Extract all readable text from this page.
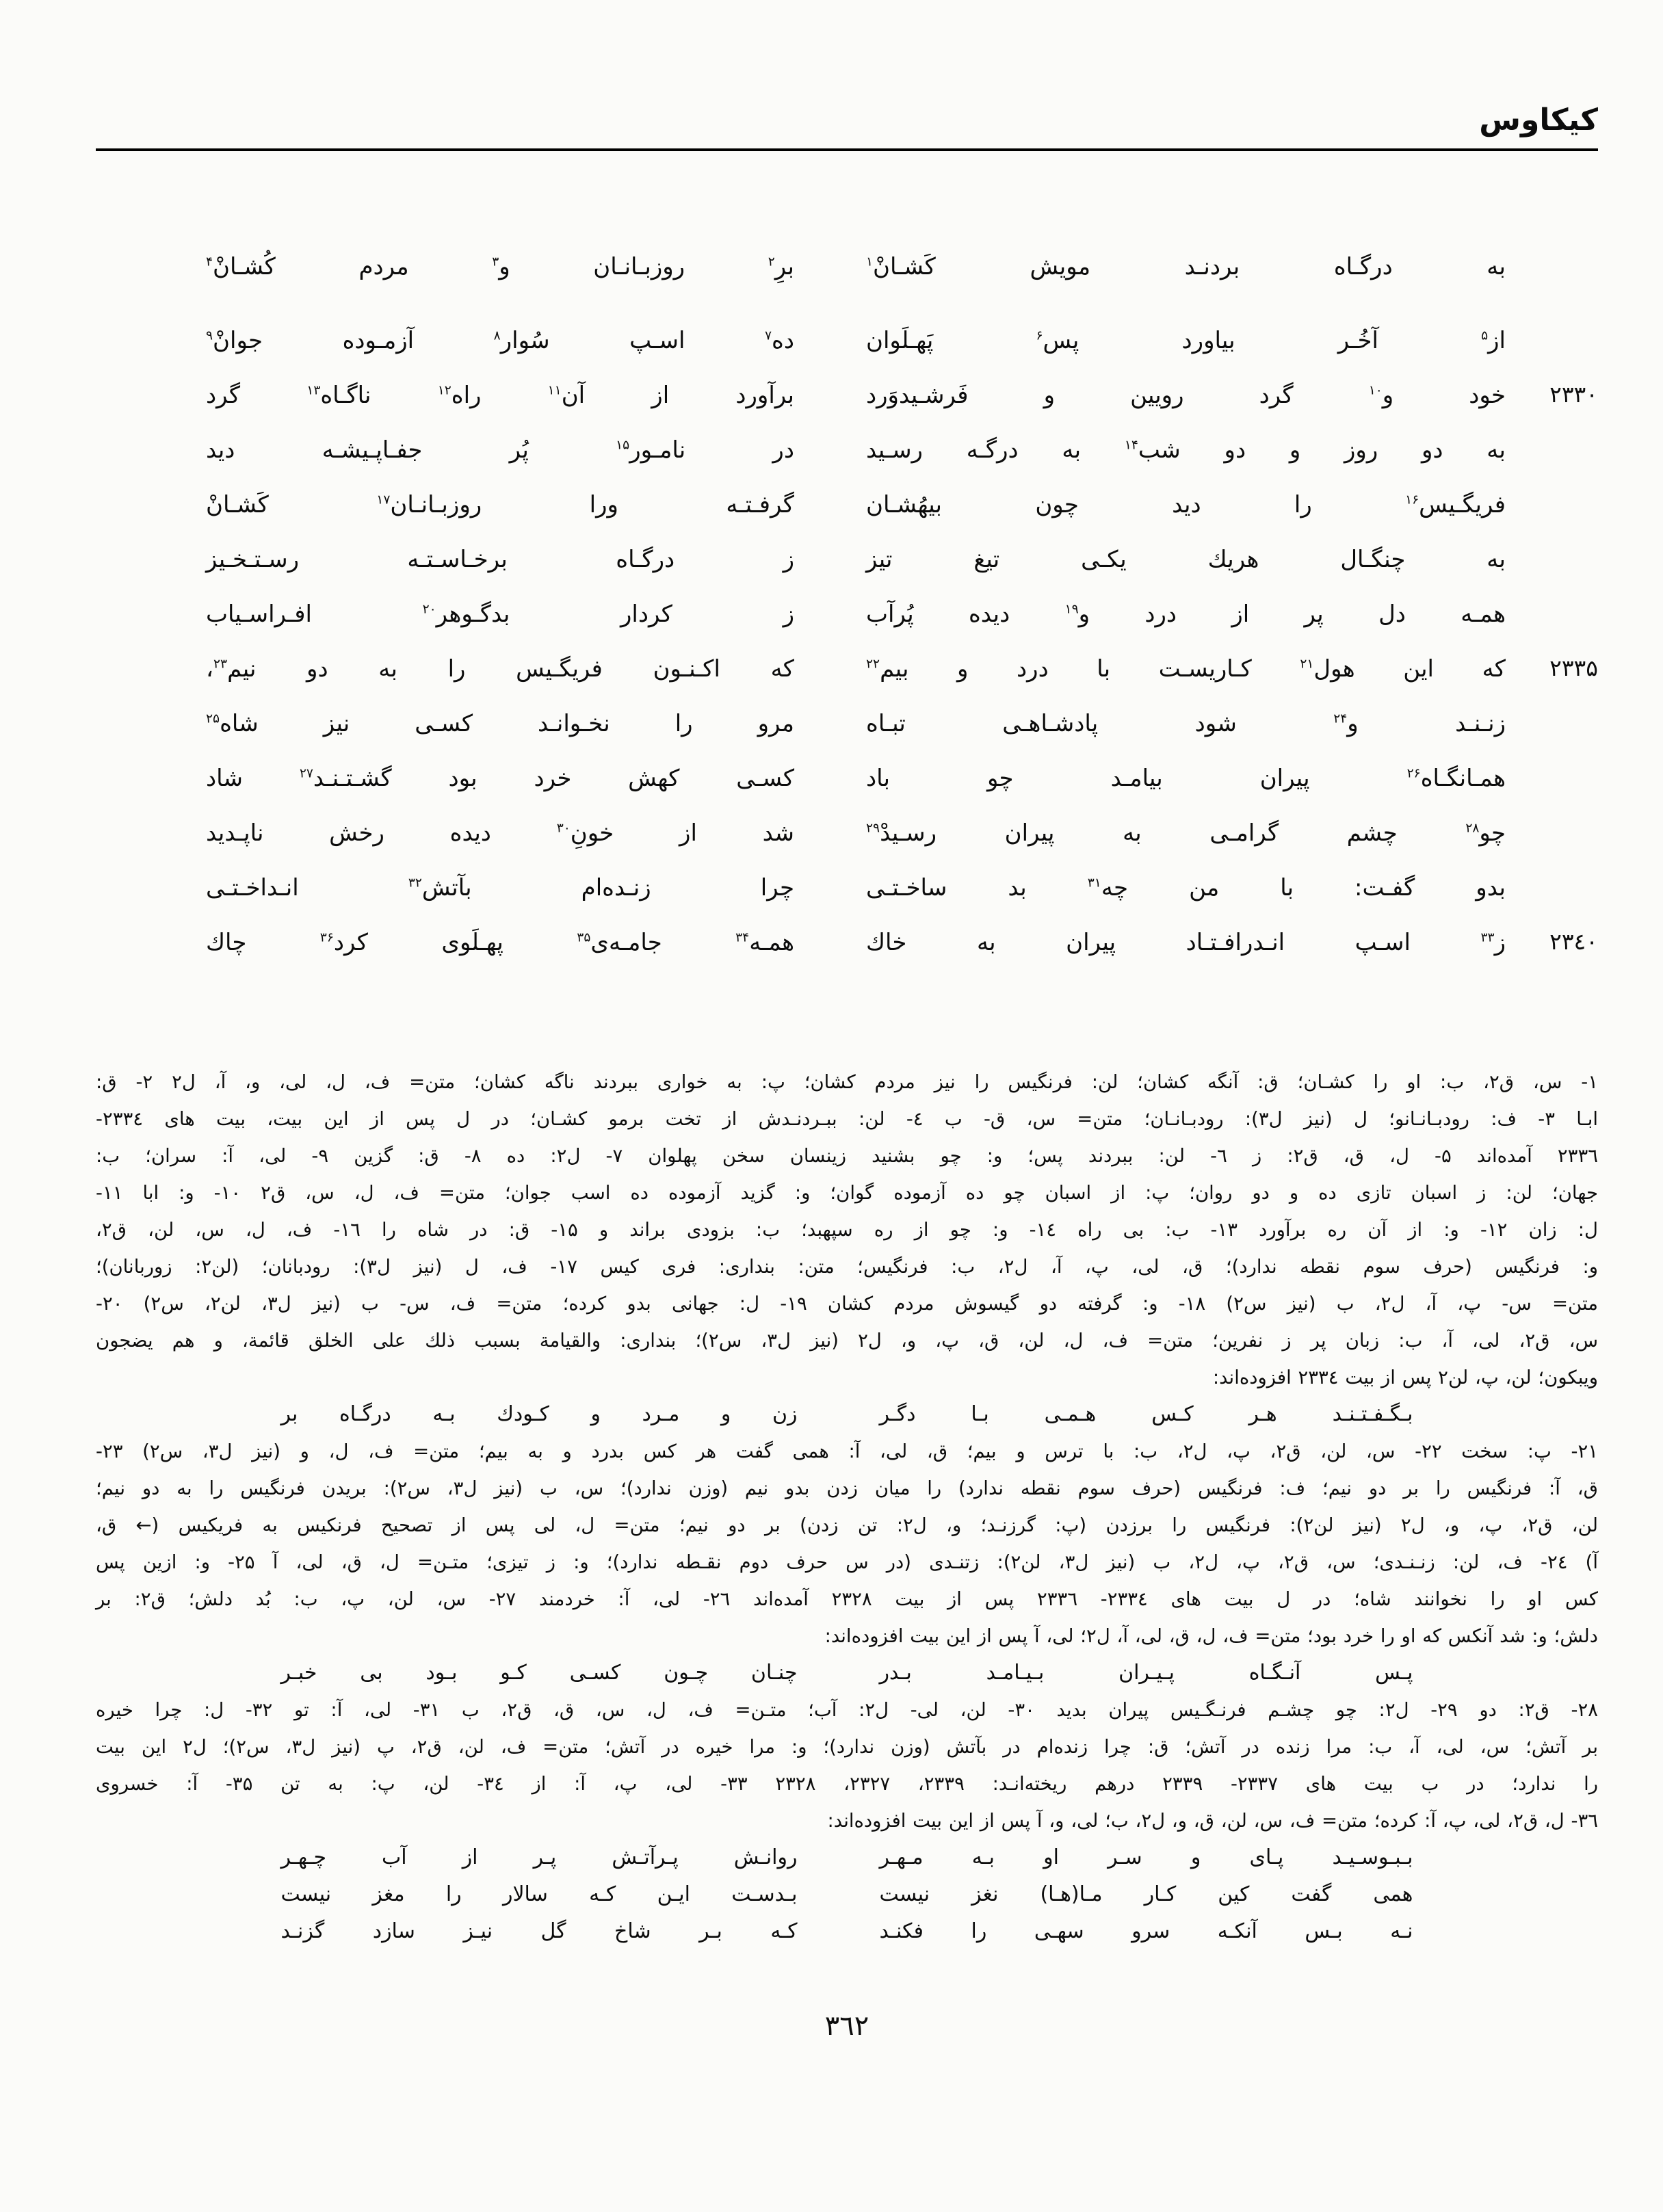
کیکاوس
به درگـاه بردنـد مویش کَشـانْ$^۱$
برِ$^۲$ روزبـانـان و$^۳$ مردم کُشـانْ$^۴$
از$^۵$ آخُـر بیاورد پس$^۶$ پَهـلَوان
ده$^۷$ اسـپ سُوار$^۸$ آزمـوده جوانْ$^۹$
۲۳۳۰
خود و$^{۱۰}$ گرد رویین و فَرشـیدوَرد
برآورد از آن$^{۱۱}$ راه$^{۱۲}$ ناگـاه$^{۱۳}$ گرد
به دو روز و دو شب$^{۱۴}$ به درگـه رسـید
در نامـور$^{۱۵}$ پُر جفـاپـیشـه دید
فریگـیس$^{۱۶}$ را دید چون بیهُشـان
گرفـتـه ورا روزبـانـان$^{۱۷}$ کَشـانْ
به چنگـال هریك یکـی تیغ تیز
ز درگـاه برخـاسـتـه رسـتـخـیز
همـه دل پر از درد و$^{۱۹}$ دیده پُرآب
ز کردار بدگـوهر$^{۲۰}$ افـراسـیاب
۲۳۳۵
که این هول$^{۲۱}$ کـاریسـت با درد و بیم$^{۲۲}$
که اکـنـون فریگـیس را به دو نیم$^{۲۳}$،
زنـنـد و$^{۲۴}$ شود پادشـاهـی تبـاه
مرو را نخـوانـد کسـی نیز شاه$^{۲۵}$
همـانگـاه$^{۲۶}$ پیران بیامـد چو باد
کسـی کهش خرد بود گشـتـنـد$^{۲۷}$ شاد
چو$^{۲۸}$ چشم گرامـی به پیران رسـیدْ$^{۲۹}$
شد از خونِ$^{۳۰}$ دیده رخش ناپـدید
بدو گفـت: با من چه$^{۳۱}$ بد ساخـتـی
چرا زنـده‌ام بآتش$^{۳۲}$ انـداخـتـی
۲۳٤۰
ز$^{۳۳}$ اسـپ انـدرافـتـاد پیران به خاك
همـه$^{۳۴}$ جامـه‌ی$^{۳۵}$ پهـلَوی کرد$^{۳۶}$ چاك
۱- س، ق۲، ب: او را کشـان؛ ق: آنگه کشان؛ لن: فرنگیس را نیز مردم کشان؛ پ: به خواری ببردند ناگه کشان؛ متن= ف، ل، لی، و، آ، ل۲ ۲- ق:
ابـا ۳- ف: رودبـانـانو؛ ل (نیز ل۳): رودبـانـان؛ متن= س، ق- ب ٤- لن: ببـردنـدش از تخت برمو کشـان؛ در ل پس از این بیت، بیت های ۲۳۳٤-
۲۳۳٦ آمده‌اند ۵- ل، ق، ق۲: ز ٦- لن: ببردند پس؛ و: چو بشنید زینسان سخن پهلوان ۷- ل۲: ده ۸- ق: گزین ۹- لی، آ: سران؛ ب:
جهان؛ لن: ز اسبان تازی ده و دو روان؛ پ: از اسبان چو ده آزموده گوان؛ و: گزید آزموده ده اسب جوان؛ متن= ف، ل، س، ق۲ ۱۰- و: ابا ۱۱-
ل: زان ۱۲- و: از آن ره برآورد ۱۳- ب: بی راه ۱٤- و: چو از ره سپهبد؛ ب: بزودی براند و ۱۵- ق: در شاه را ۱٦- ف، ل، س، لن، ق۲،
و: فرنگیس (حرف سوم نقطه ندارد)؛ ق، لی، پ، آ، ل۲، ب: فرنگیس؛ متن: بنداری: فری کیس ۱۷- ف، ل (نیز ل۳): رودبانان؛ (لن۲: زوربانان)؛
متن= س- پ، آ، ل۲، ب (نیز س۲) ۱۸- و: گرفته دو گیسوش مردم کشان ۱۹- ل: جهانی بدو کرده؛ متن= ف، س- ب (نیز ل۳، لن۲، س۲) ۲۰-
س، ق۲، لی، آ، ب: زبان پر ز نفرین؛ متن= ف، ل، لن، ق، پ، و، ل۲ (نیز ل۳، س۲)؛ بنداری: والقیامة بسبب ذلك علی الخلق قائمة، و هم یضجون
ویبکون؛ لن، پ، لن۲ پس از بیت ۲۳۳٤ افزوده‌اند:
بـگـفـتـنـد هـر کـس هـمـی بـا دگـر
زن و مـرد و کـودك بـه درگـاه بر
۲۱- پ: سخت ۲۲- س، لن، ق۲، پ، ل۲، ب: با ترس و بیم؛ ق، لی، آ: همی گفت هر کس بدرد و به بیم؛ متن= ف، ل، و (نیز ل۳، س۲) ۲۳-
ق، آ: فرنگیس را بر دو نیم؛ ف: فرنگیس (حرف سوم نقطه ندارد) را میان زدن بدو نیم (وزن ندارد)؛ س، ب (نیز ل۳، س۲): بریدن فرنگیس را به دو نیم؛
لن، ق۲، پ، و، ل۲ (نیز لن۲): فرنگیس را برزدن (پ: گرزنـد؛ و، ل۲: تن زدن) بر دو نیم؛ متن= ل، لی پس از تصحیح فرنکیس به فریکیس (← ق،
آ) ۲٤- ف، لن: زنـنـدی؛ س، ق۲، پ، ل۲، ب (نیز ل۳، لن۲): زتنـدی (در س حرف دوم نقـطه ندارد)؛ و: ز تیزی؛ متـن= ل، ق، لی، آ ۲۵- و: ازین پس
کس او را نخوانند شاه؛ در ل بیت های ۲۳۳٤- ۲۳۳٦ پس از بیت ۲۳۲۸ آمده‌اند ۲٦- لی، آ: خردمند ۲۷- س، لن، پ، ب: بُد دلش؛ ق۲: بر
دلش؛ و: شد آنکس که او را خرد بود؛ متن= ف، ل، ق، لی، آ، ل۲؛ لی، آ پس از این بیت افزوده‌اند:
پـس آنـگـاه پـیـران بـیـامـد بـدر
چنـان چـون کسـی کـو بـود بی خبـر
۲۸- ق۲: دو ۲۹- ل۲: چو چشـم فرنـگـیس پیران بدید ۳۰- لن، لی- ل۲: آب؛ متـن= ف، ل، س، ق، ق۲، ب ۳۱- لی، آ: تو ۳۲- ل: چرا خیره
بر آتش؛ س، لی، آ، ب: مرا زنده در آتش؛ ق: چرا زنده‌ام در بآتش (وزن ندارد)؛ و: مرا خیره در آتش؛ متن= ف، لن، ق۲، پ (نیز ل۳، س۲)؛ ل۲ این بیت
را ندارد؛ در ب بیت های ۲۳۳۷- ۲۳۳۹ درهم ریخته‌انـد: ۲۳۳۹، ۲۳۲۷، ۲۳۲۸ ۳۳- لی، پ، آ: از ۳٤- لن، پ: به تن ۳۵- آ: خسروی
۳٦- ل، ق۲، لی، پ، آ: کرده؛ متن= ف، س، لن، ق، و، ل۲، ب؛ لی، و، آ پس از این بیت افزوده‌اند:
بـبـوسـیـد پـای و سـر او بـه مـهـر
روانـش پـرآتـش پـر از آب چـهـر
همی گفت کین کـار مـا(هـا) نغز نیست
بـدسـت ایـن کـه سالار را مغز نیست
نـه بـس آنکـه سرو سهـی را فکنـد
کـه بـر شاخ گل نیـز سازد گزنـد
٣٦٢
